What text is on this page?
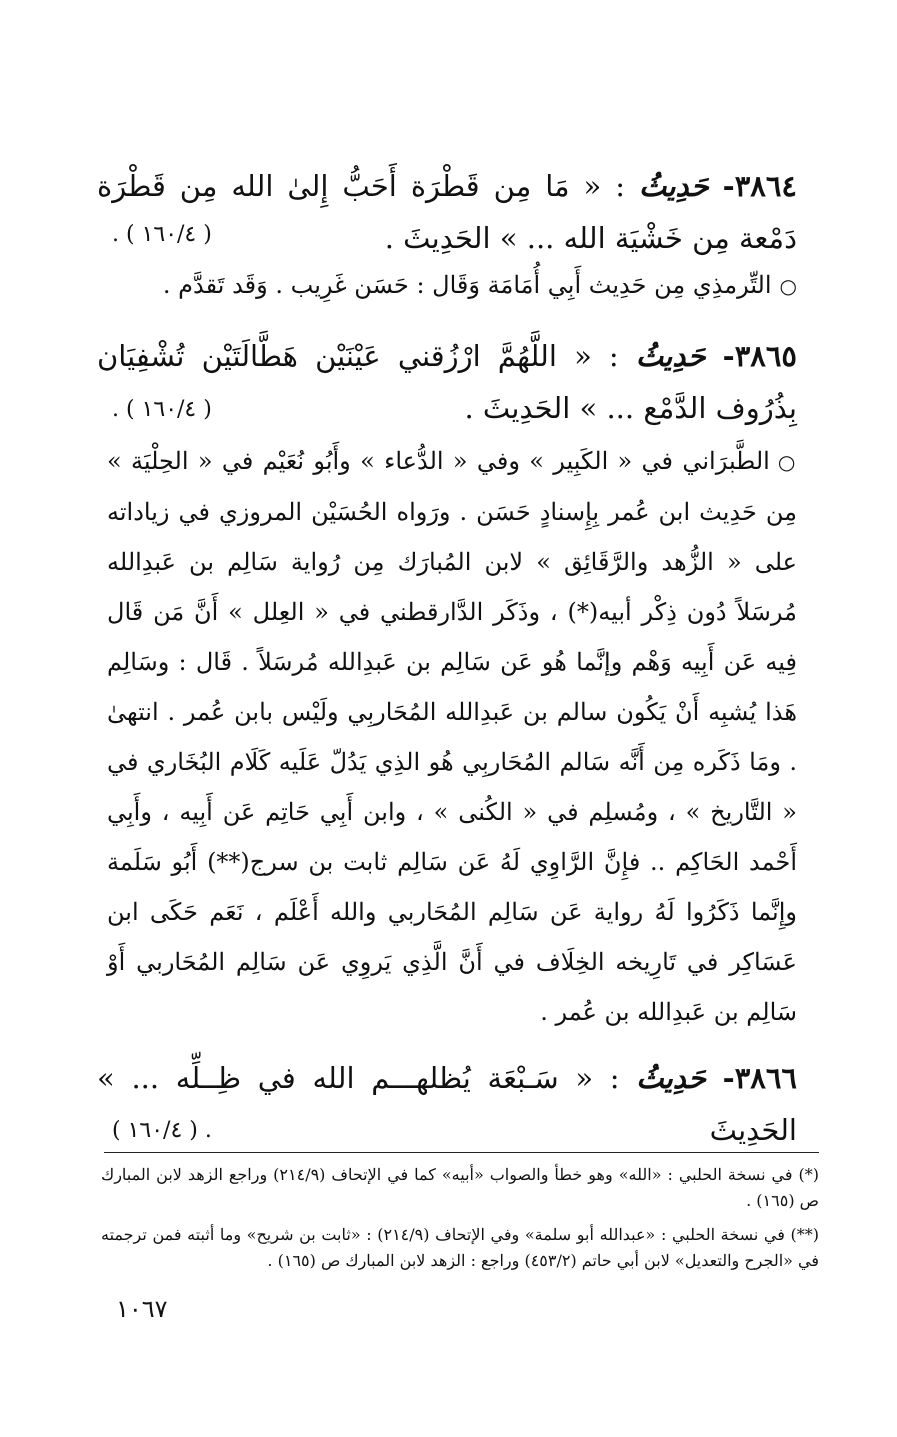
٣٨٦٤- حَدِيثُ : « مَا مِن قَطْرَة أَحَبُّ إِلىٰ الله مِن قَطْرَة دَمْعة مِن خَشْيَة الله ... » الحَدِيثَ .
( ١٦٠/٤ ) .
○التِّرمذِي مِن حَدِيث أَبِي أُمَامَة وَقَال : حَسَن غَرِيب . وَقَد تَقدَّم .
٣٨٦٥- حَدِيثُ : « اللَّهُمَّ ارْزُقني عَيْنَيْن هَطَّالَتَيْن تُشْفِيَان بِذُرُوف الدَّمْع ... » الحَدِيثَ .
( ١٦٠/٤ ) .
○الطَّبرَاني في « الكَبِير » وفي « الدُّعاء » وأَبُو نُعَيْم في « الحِلْيَة » مِن حَدِيث ابن عُمر بِإِسنادٍ حَسَن . ورَواه الحُسَيْن المروزي في زياداته على « الزُّهد والرَّقَائِق » لابن المُبارَك مِن رُواية سَالِم بن عَبدِالله مُرسَلاً دُون ذِكْر أبيه(*) ، وذَكَر الدَّارقطني في « العِلل » أَنَّ مَن قَال فِيه عَن أَبِيه وَهْم وإنَّما هُو عَن سَالِم بن عَبدِالله مُرسَلاً . قَال : وسَالِم هَذا يُشبِه أَنْ يَكُون سالم بن عَبدِالله المُحَاربِي ولَيْس بابن عُمر . انتهىٰ . ومَا ذَكَره مِن أَنَّه سَالم المُحَاربِي هُو الذِي يَدُلّ عَلَيه كَلَام البُخَاري في « التَّاريخ » ، ومُسلِم في « الكُنى » ، وابن أَبِي حَاتِم عَن أَبِيه ، وأَبِي أَحْمد الحَاكِم .. فإِنَّ الرَّاوِي لَهُ عَن سَالِم ثابت بن سرج(**) أَبُو سَلَمة وإِنَّما ذَكَرُوا لَهُ رواية عَن سَالِم المُحَاربي والله أَعْلَم ، نَعَم حَكَى ابن عَسَاكِر في تَارِيخه الخِلَاف في أَنَّ الَّذِي يَروِي عَن سَالِم المُحَاربي أَوْ سَالِم بن عَبدِالله بن عُمر .
٣٨٦٦- حَدِيثُ : « سَـبْعَة يُظلهـــم الله في ظِــلِّه ... » الحَدِيثَ
. ( ١٦٠/٤ )
(*) في نسخة الحلبي : «الله» وهو خطأ والصواب «أبيه» كما في الإتحاف (٢١٤/٩) وراجع الزهد لابن المبارك ص (١٦٥) .
(**) في نسخة الحلبي : «عبدالله أبو سلمة» وفي الإتحاف (٢١٤/٩) : «ثابت بن شريح» وما أثبته فمن ترجمته في «الجرح والتعديل» لابن أبي حاتم (٤٥٣/٢) وراجع : الزهد لابن المبارك ص (١٦٥) .
١٠٦٧
